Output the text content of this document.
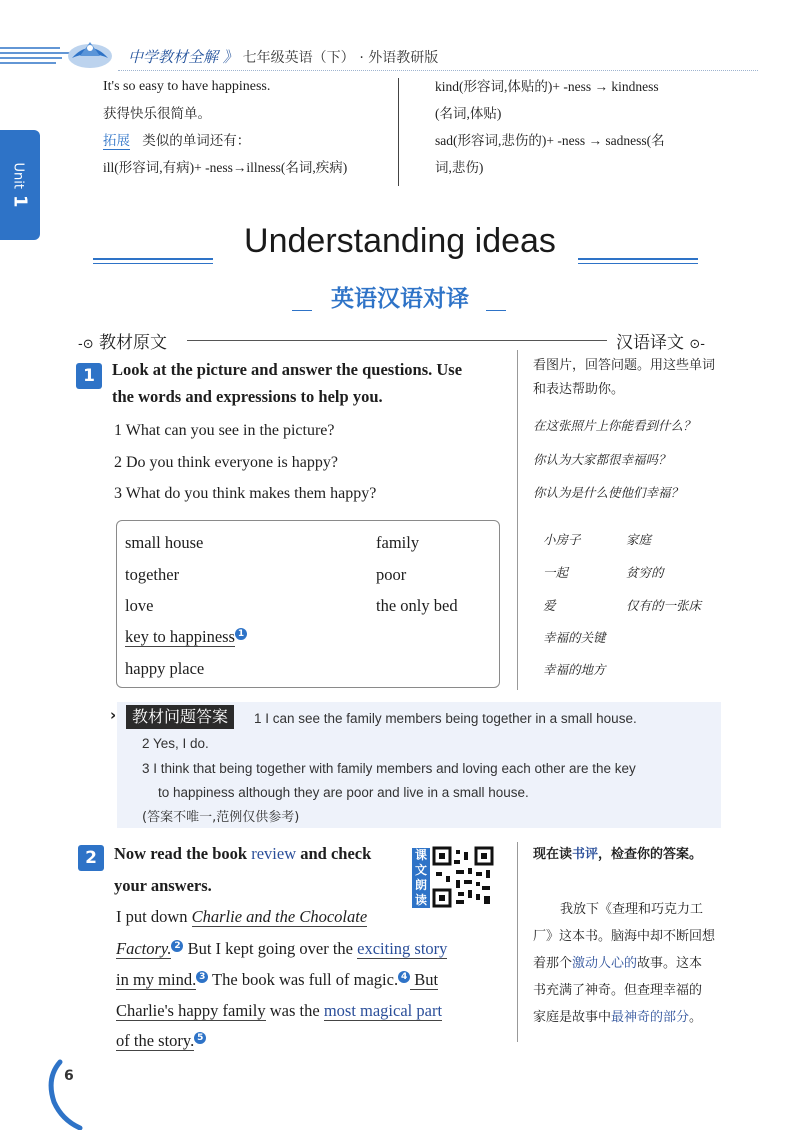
中学教材全解 》 七年级英语（下） · 外语教研版
Unit1
It's so easy to have happiness.
获得快乐很简单。
拓展 类似的单词还有：
ill(形容词,有病)+ -ness→illness(名词,疾病)
kind(形容词,体贴的)+ -ness → kindness
(名词,体贴)
sad(形容词,悲伤的)+ -ness → sadness(名
词,悲伤)
Understanding ideas
英语汉语对译
-⊙ 教材原文	汉语译文 ⊙-
1	Look at the picture and answer the questions. Use
the words and expressions to help you.
1 What can you see in the picture?
2 Do you think everyone is happy?
3 What do you think makes them happy?
看图片，回答问题。用这些单词
和表达帮助你。
在这张照片上你能看到什么？
你认为大家都很幸福吗？
你认为是什么使他们幸福？
small house	family
together	poor
love	the only bed
key to happiness 1
happy place
小房子	家庭
一起	贫穷的
爱	仅有的一张床
幸福的关键
幸福的地方
› 教材问题答案	1 I can see the family members being together in a small house.
2 Yes, I do.
3 I think that being together with family members and loving each other are the key
to happiness although they are poor and live in a small house.
(答案不唯一,范例仅供参考)
2	Now read the book review and check
your answers.
课文朗读
I put down Charlie and the Chocolate
Factory. 2 But I kept going over the exciting story
in my mind. 3 The book was full of magic. 4 But
Charlie's happy family was the most magical part
of the story. 5
现在读书评，检查你的答案。
我放下《查理和巧克力工
厂》这本书。脑海中却不断回想
着那个激动人心的故事。这本
书充满了神奇。但查理幸福的
家庭是故事中最神奇的部分。
6
